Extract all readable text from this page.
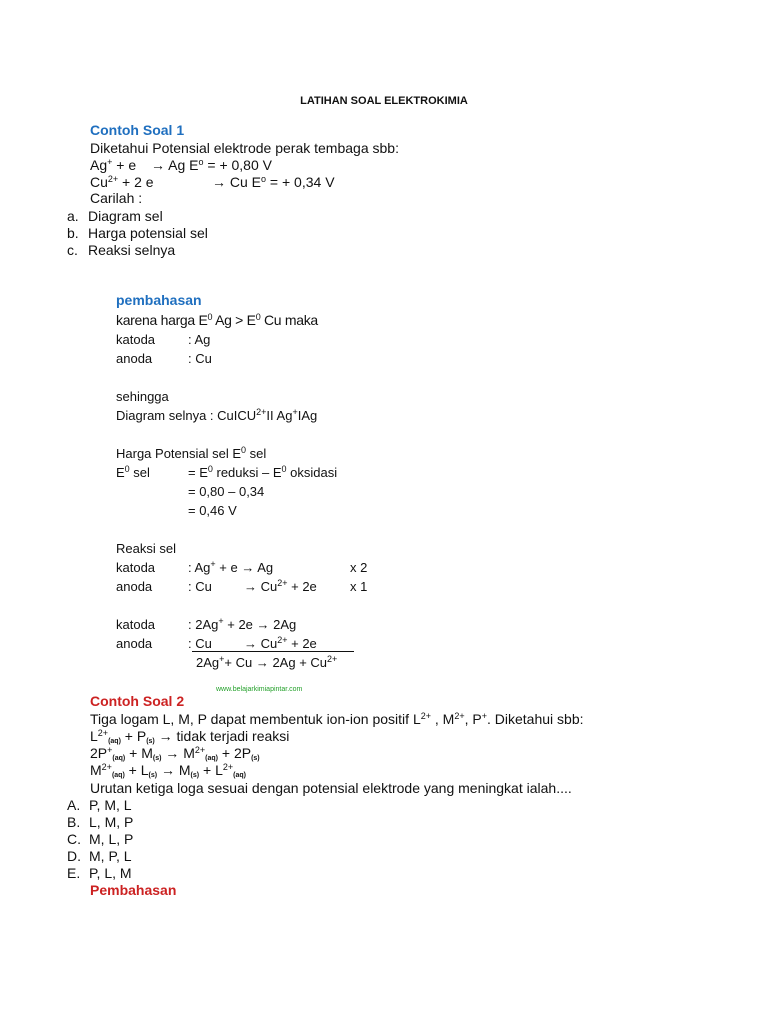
LATIHAN SOAL ELEKTROKIMIA
Contoh Soal 1
Diketahui Potensial elektrode perak tembaga sbb:
Ag+ + e → Ag $E^o$ = + 0,80 V
$Cu^{2+} + 2$ e	→ Cu $E^o$ = + 0,34 V
Carilah :
a. Diagram sel
b. Harga potensial sel
c. Reaksi selnya
pembahasan
karena harga $E^0$ $Ag > E^0$ Cu maka
katoda	: Ag
anoda	: Cu
sehingga
Diagram selnya : CuICU$^{2+}$II Ag+IAg
Harga Potensial sel $E^0$ sel
$E^0$ sel	= $E^0$ reduksi – $E^0$ oksidasi
= 0,80 – 0,34
= 0,46 V
Reaksi sel
katoda	: Ag+ + e → Ag	x 2
anoda	: $Cu \to Cu^{2+} + 2e$	x 1
katoda	: 2Ag+ + 2e → 2Ag
anoda	: $Cu \to Cu^{2+} + 2e$
$2Ag^++ Cu \to 2Ag + Cu^{2+}$
www.belajarkimiapintar.com
Contoh Soal 2
Tiga logam L, M, P dapat membentuk ion-ion positif $L^{2+}$ , $M^{2+}$, P+. Diketahui sbb:
$L^{2+}_{(aq)} + P_{(s)}$ → tidak terjadi reaksi
$2P^+_{(aq)} + M_{(s)} \to M^{2+}_{(aq)} + 2P_{(s)}$
$M^{2+}_{(aq)} + L_{(s)} \to M_{(s)} + L^{2+}_{(aq)}$
Urutan ketiga loga sesuai dengan potensial elektrode yang meningkat ialah....
A. P, M, L
B. L, M, P
C. M, L, P
D. M, P, L
E. P, L, M
Pembahasan
